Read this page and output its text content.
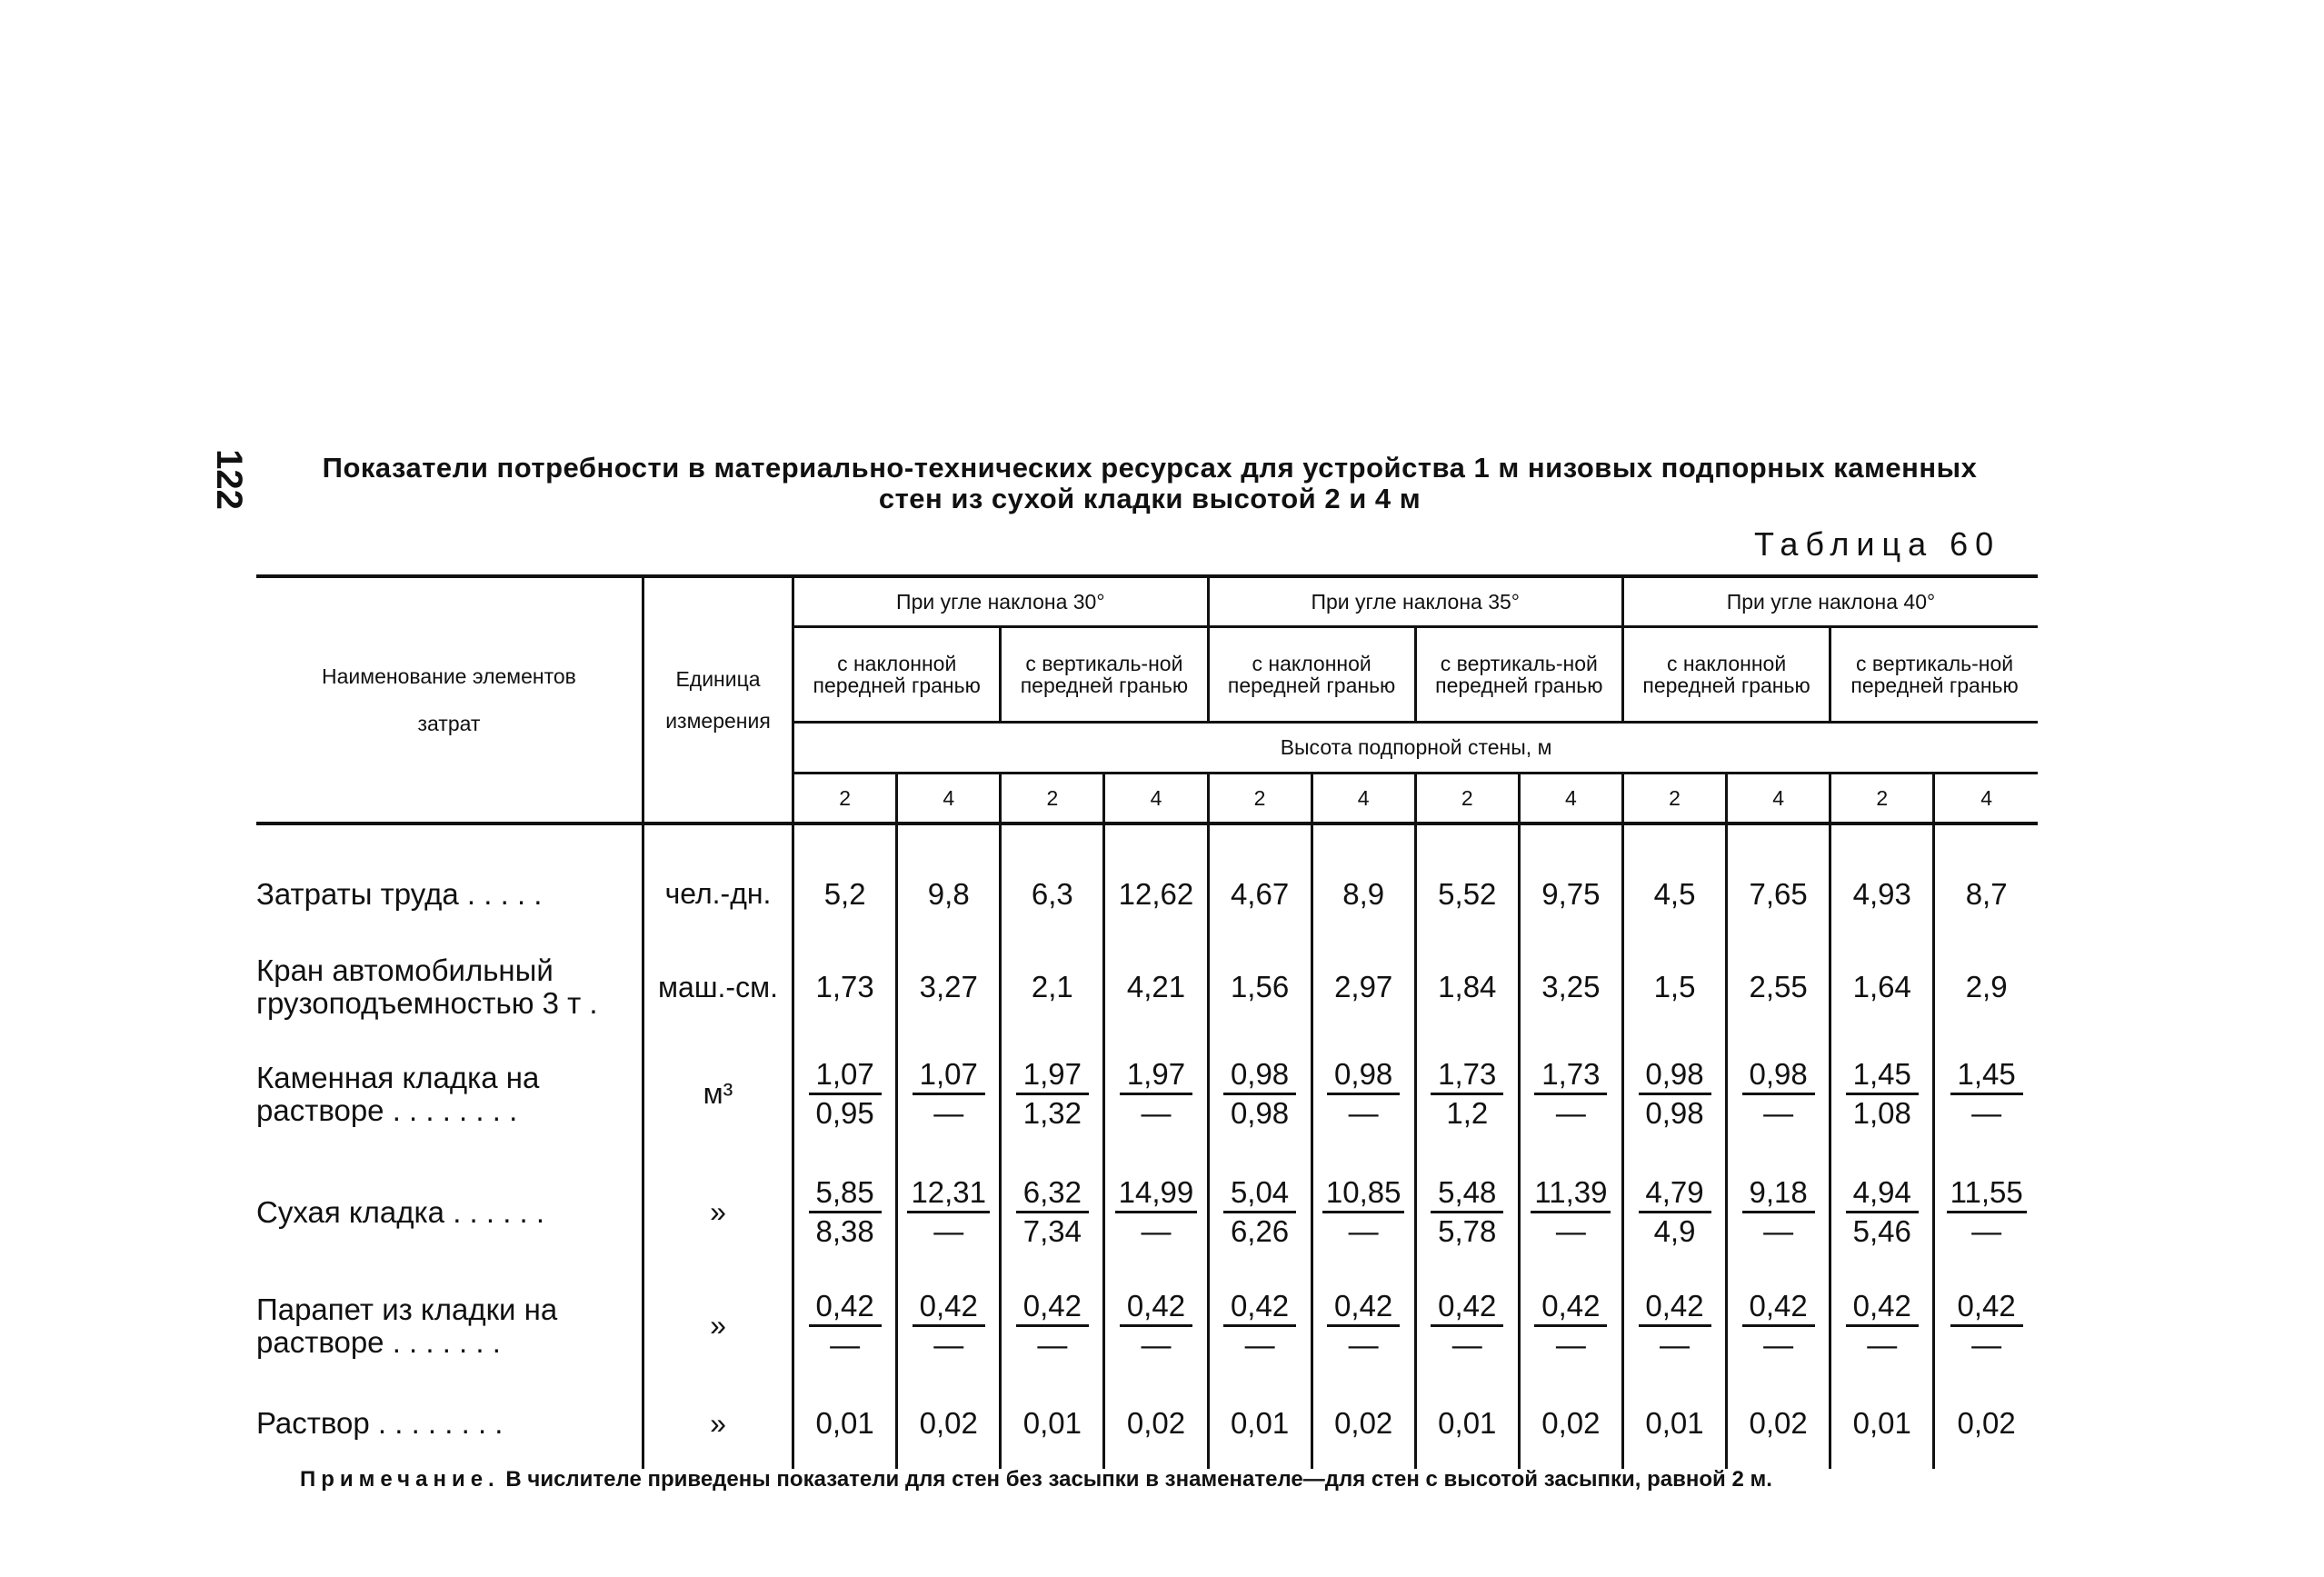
122	Показатели потребности в материально-технических ресурсах для устройства 1 м низовых подпорных каменных
стен из сухой кладки высотой 2 и 4 м
Таблица 60
Наименование элементов затрат	Единица измерения	При угле наклона 30°				При угле наклона 35°				При угле наклона 40°			
		с наклонной передней гранью		с вертикаль-ной передней гранью		с наклонной передней гранью		с вертикаль-ной передней гранью		с наклонной передней гранью		с вертикаль-ной передней гранью	
		Высота подпорной стены, м											
		2	4	2	4	2	4	2	4	2	4	2	4

Затраты труда . . . . .	чел.-дн.	5,2	9,8	6,3	12,62	4,67	8,9	5,52	9,75	4,5	7,65	4,93	8,7
Кран автомобильный грузоподъемностью 3 т .	маш.-см.	1,73	3,27	2,1	4,21	1,56	2,97	1,84	3,25	1,5	2,55	1,64	2,9
Каменная кладка на растворе . . . . . . . .	м³	$\frac{1,07}{0,95}$	$\frac{1,07}{—}$	$\frac{1,97}{1,32}$	$\frac{1,97}{—}$	$\frac{0,98}{0,98}$	$\frac{0,98}{—}$	$\frac{1,73}{1,2}$	$\frac{1,73}{—}$	$\frac{0,98}{0,98}$	$\frac{0,98}{—}$	$\frac{1,45}{1,08}$	$\frac{1,45}{—}$

Сухая кладка . . . . . .	»	$\frac{5,85}{8,38}$	$\frac{12,31}{—}$	$\frac{6,32}{7,34}$	$\frac{14,99}{—}$	$\frac{5,04}{6,26}$	$\frac{10,85}{—}$	$\frac{5,48}{5,78}$	$\frac{11,39}{—}$	$\frac{4,79}{4,9}$	$\frac{9,18}{—}$	$\frac{4,94}{5,46}$	$\frac{11,55}{—}$

Парапет из кладки на растворе . . . . . . .	»	$\frac{0,42}{—}$	$\frac{0,42}{—}$	$\frac{0,42}{—}$	$\frac{0,42}{—}$	$\frac{0,42}{—}$	$\frac{0,42}{—}$	$\frac{0,42}{—}$	$\frac{0,42}{—}$	$\frac{0,42}{—}$	$\frac{0,42}{—}$	$\frac{0,42}{—}$	$\frac{0,42}{—}$

Раствор . . . . . . . .	»	0,01	0,02	0,01	0,02	0,01	0,02	0,01	0,02	0,01	0,02	0,01	0,02
Примечание. В числителе приведены показатели для стен без засыпки в знаменателе—для стен с высотой засыпки, равной 2 м.
